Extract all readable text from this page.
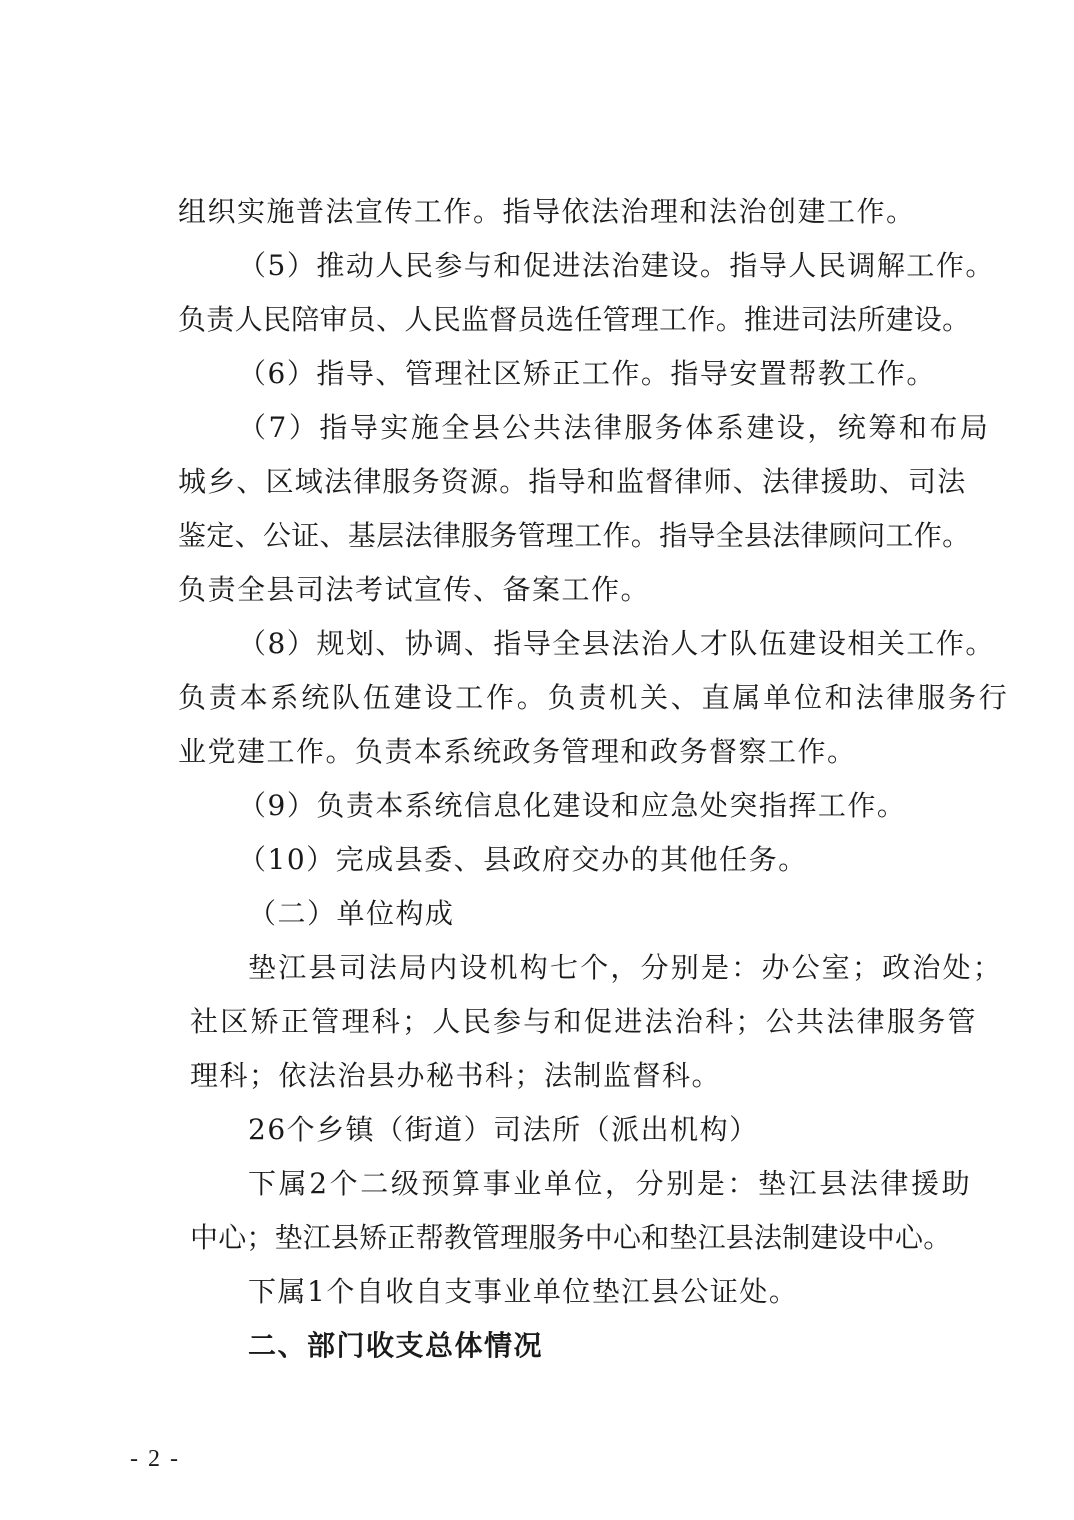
组织实施普法宣传工作。指导依法治理和法治创建工作。
（5）推动人民参与和促进法治建设。指导人民调解工作。
负责人民陪审员、人民监督员选任管理工作。推进司法所建设。
（6）指导、管理社区矫正工作。指导安置帮教工作。
（7）指导实施全县公共法律服务体系建设，统筹和布局
城乡、区域法律服务资源。指导和监督律师、法律援助、司法
鉴定、公证、基层法律服务管理工作。指导全县法律顾问工作。
负责全县司法考试宣传、备案工作。
（8）规划、协调、指导全县法治人才队伍建设相关工作。
负责本系统队伍建设工作。负责机关、直属单位和法律服务行
业党建工作。负责本系统政务管理和政务督察工作。
（9）负责本系统信息化建设和应急处突指挥工作。
（10）完成县委、县政府交办的其他任务。
（二）单位构成
垫江县司法局内设机构七个，分别是：办公室；政治处；
社区矫正管理科；人民参与和促进法治科；公共法律服务管
理科；依法治县办秘书科；法制监督科。
26个乡镇（街道）司法所（派出机构）
下属2个二级预算事业单位，分别是：垫江县法律援助
中心；垫江县矫正帮教管理服务中心和垫江县法制建设中心。
下属1个自收自支事业单位垫江县公证处。
二、部门收支总体情况
- 2 -
